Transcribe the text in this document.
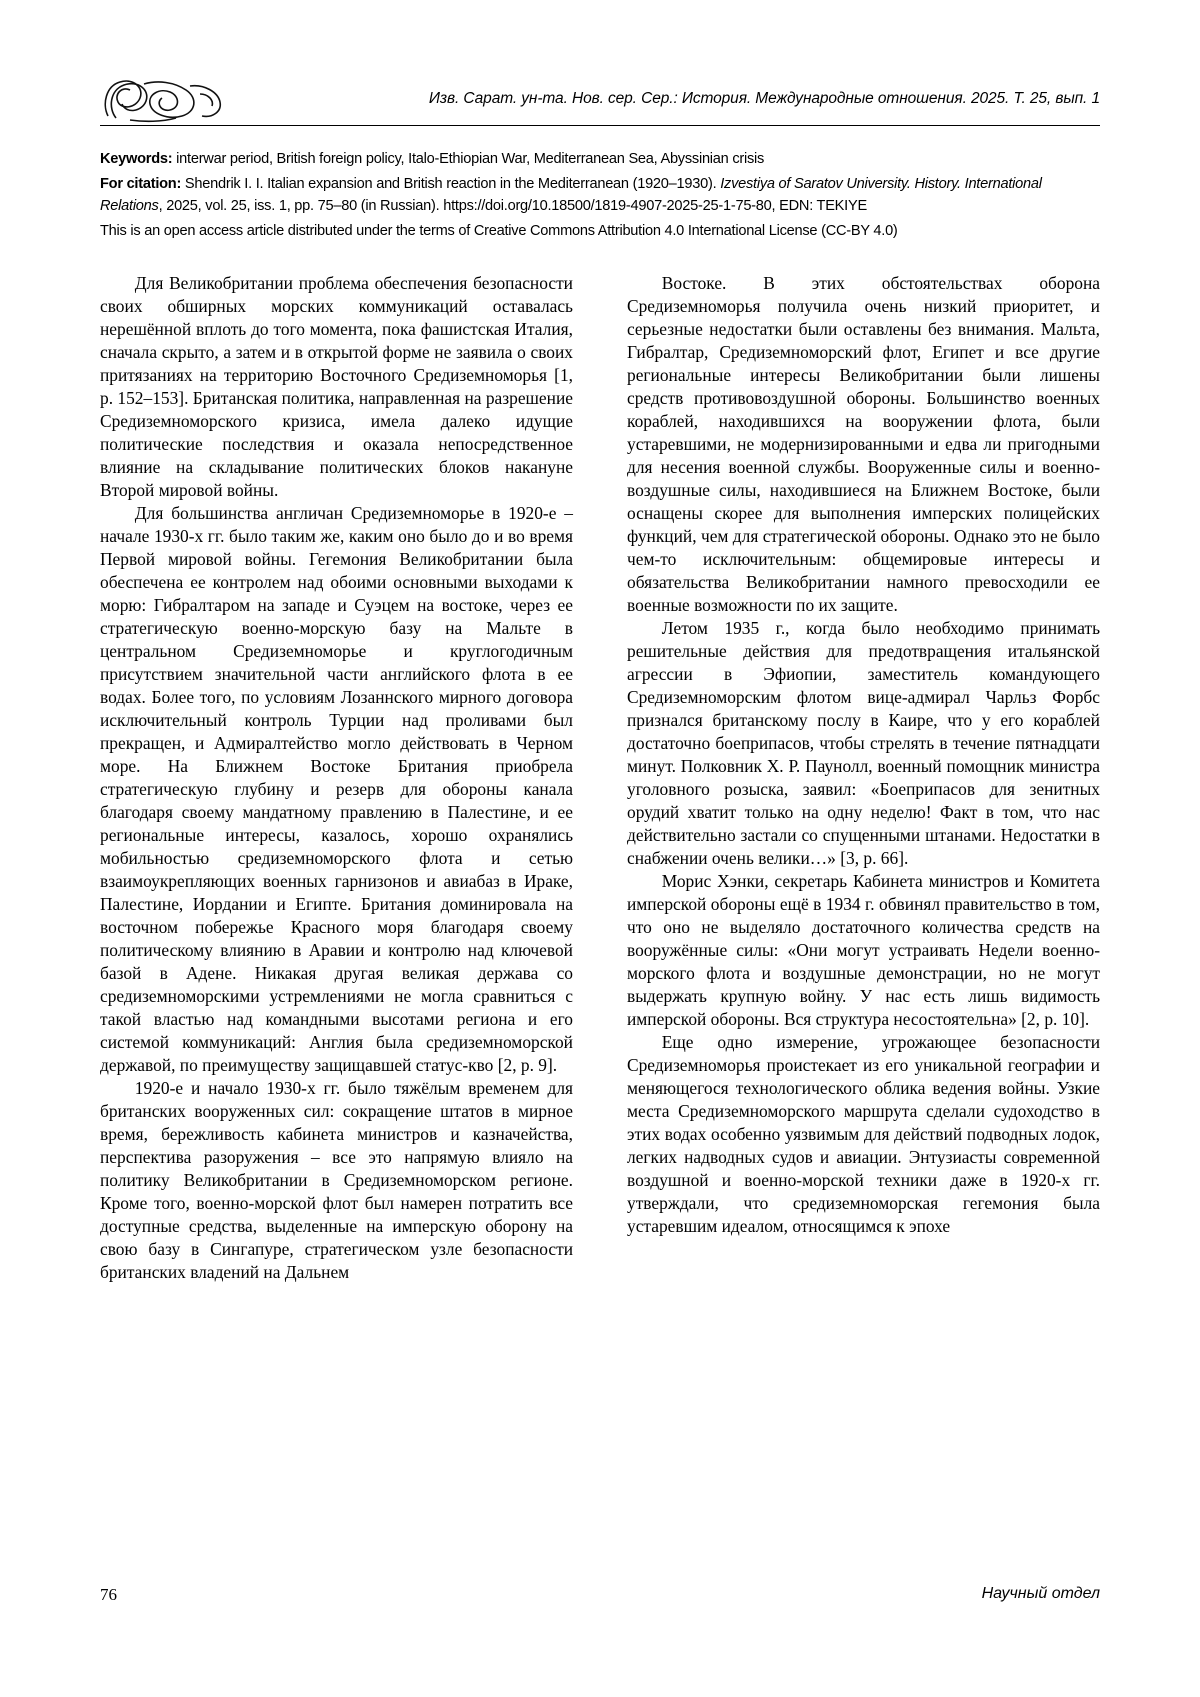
Изв. Сарат. ун-та. Нов. сер. Сер.: История. Международные отношения. 2025. Т. 25, вып. 1

Keywords: interwar period, British foreign policy, Italo-Ethiopian War, Mediterranean Sea, Abyssinian crisis

For citation: Shendrik I. I. Italian expansion and British reaction in the Mediterranean (1920–1930). Izvestiya of Saratov University. History. International Relations, 2025, vol. 25, iss. 1, pp. 75–80 (in Russian). https://doi.org/10.18500/1819-4907-2025-25-1-75-80, EDN: TEKIYE

This is an open access article distributed under the terms of Creative Commons Attribution 4.0 International License (CC-BY 4.0)

Для Великобритании проблема обеспечения безопасности своих обширных морских коммуникаций оставалась нерешённой вплоть до того момента, пока фашистская Италия, сначала скрыто, а затем и в открытой форме не заявила о своих притязаниях на территорию Восточного Средиземноморья [1, p. 152–153]. Британская политика, направленная на разрешение Средиземноморского кризиса, имела далеко идущие политические последствия и оказала непосредственное влияние на складывание политических блоков накануне Второй мировой войны.

Для большинства англичан Средиземноморье в 1920-е – начале 1930-х гг. было таким же, каким оно было до и во время Первой мировой войны. Гегемония Великобритании была обеспечена ее контролем над обоими основными выходами к морю: Гибралтаром на западе и Суэцем на востоке, через ее стратегическую военно-морскую базу на Мальте в центральном Средиземноморье и круглогодичным присутствием значительной части английского флота в ее водах. Более того, по условиям Лозаннского мирного договора исключительный контроль Турции над проливами был прекращен, и Адмиралтейство могло действовать в Черном море. На Ближнем Востоке Британия приобрела стратегическую глубину и резерв для обороны канала благодаря своему мандатному правлению в Палестине, и ее региональные интересы, казалось, хорошо охранялись мобильностью средиземноморского флота и сетью взаимоукрепляющих военных гарнизонов и авиабаз в Ираке, Палестине, Иордании и Египте. Британия доминировала на восточном побережье Красного моря благодаря своему политическому влиянию в Аравии и контролю над ключевой базой в Адене. Никакая другая великая держава со средиземноморскими устремлениями не могла сравниться с такой властью над командными высотами региона и его системой коммуникаций: Англия была средиземноморской державой, по преимуществу защищавшей статус-кво [2, p. 9].

1920-е и начало 1930-х гг. было тяжёлым временем для британских вооруженных сил: сокращение штатов в мирное время, бережливость кабинета министров и казначейства, перспектива разоружения – все это напрямую влияло на политику Великобритании в Средиземноморском регионе. Кроме того, военно-морской флот был намерен потратить все доступные средства, выделенные на имперскую оборону на свою базу в Сингапуре, стратегическом узле безопасности британских владений на Дальнем

Востоке. В этих обстоятельствах оборона Средиземноморья получила очень низкий приоритет, и серьезные недостатки были оставлены без внимания. Мальта, Гибралтар, Средиземноморский флот, Египет и все другие региональные интересы Великобритании были лишены средств противовоздушной обороны. Большинство военных кораблей, находившихся на вооружении флота, были устаревшими, не модернизированными и едва ли пригодными для несения военной службы. Вооруженные силы и военно-воздушные силы, находившиеся на Ближнем Востоке, были оснащены скорее для выполнения имперских полицейских функций, чем для стратегической обороны. Однако это не было чем-то исключительным: общемировые интересы и обязательства Великобритании намного превосходили ее военные возможности по их защите.

Летом 1935 г., когда было необходимо принимать решительные действия для предотвращения итальянской агрессии в Эфиопии, заместитель командующего Средиземноморским флотом вице-адмирал Чарльз Форбс признался британскому послу в Каире, что у его кораблей достаточно боеприпасов, чтобы стрелять в течение пятнадцати минут. Полковник Х. Р. Паунолл, военный помощник министра уголовного розыска, заявил: «Боеприпасов для зенитных орудий хватит только на одну неделю! Факт в том, что нас действительно застали со спущенными штанами. Недостатки в снабжении очень велики…» [3, p. 66].

Морис Хэнки, секретарь Кабинета министров и Комитета имперской обороны ещё в 1934 г. обвинял правительство в том, что оно не выделяло достаточного количества средств на вооружённые силы: «Они могут устраивать Недели военно-морского флота и воздушные демонстрации, но не могут выдержать крупную войну. У нас есть лишь видимость имперской обороны. Вся структура несостоятельна» [2, p. 10].

Еще одно измерение, угрожающее безопасности Средиземноморья проистекает из его уникальной географии и меняющегося технологического облика ведения войны. Узкие места Средиземноморского маршрута сделали судоходство в этих водах особенно уязвимым для действий подводных лодок, легких надводных судов и авиации. Энтузиасты современной воздушной и военно-морской техники даже в 1920-х гг. утверждали, что средиземноморская гегемония была устаревшим идеалом, относящимся к эпохе

76	Научный отдел
